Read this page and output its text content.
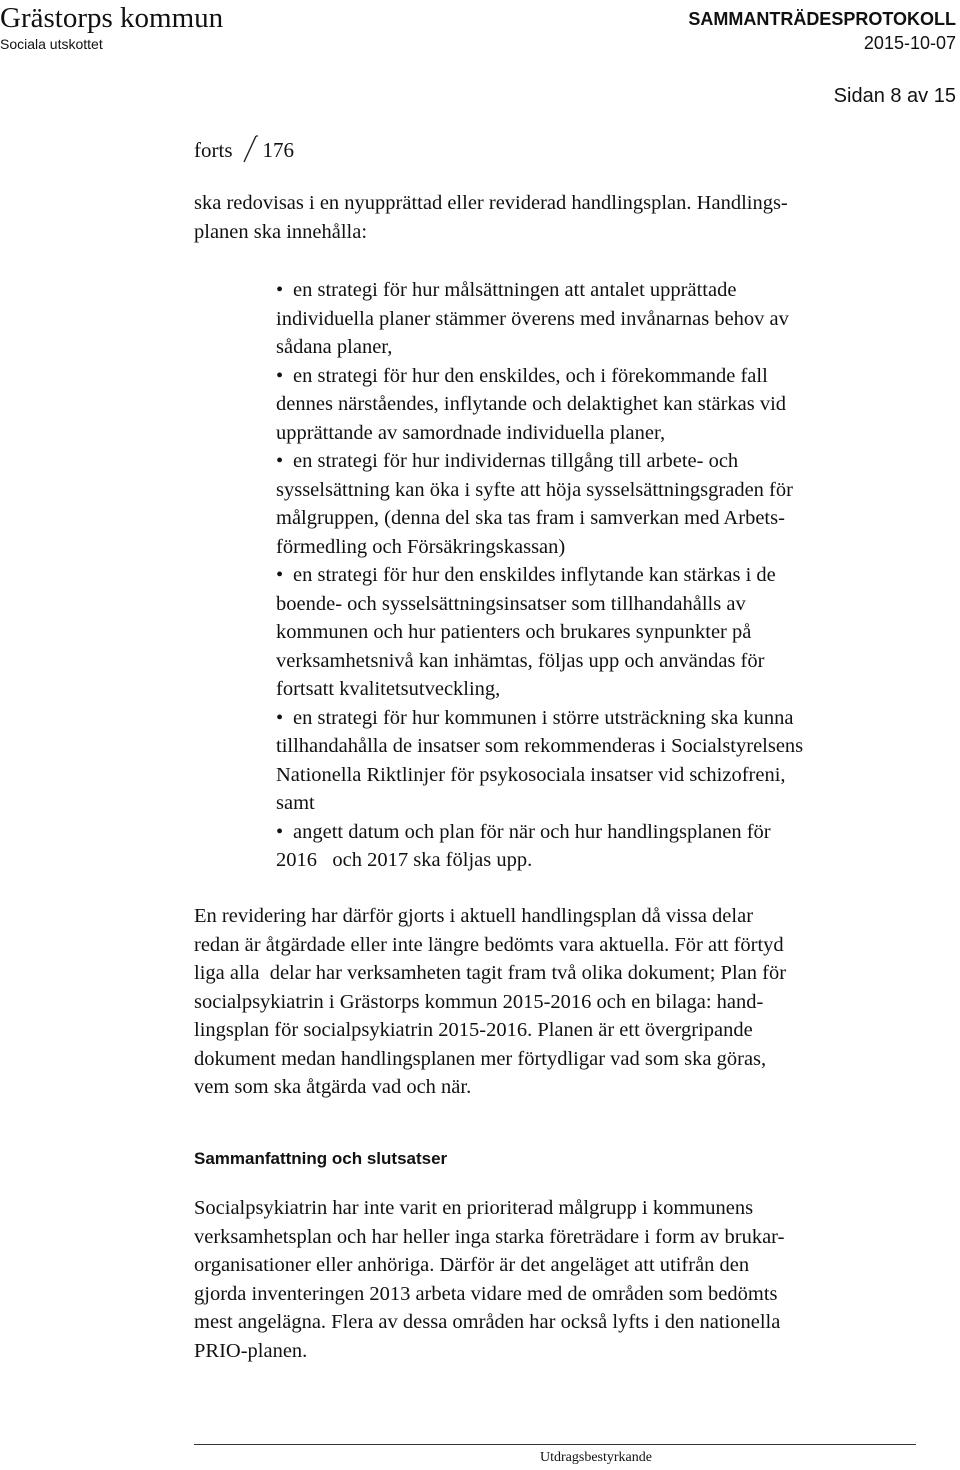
Grästorps kommun
Sociala utskottet
SAMMANTRÄDESPROTOKOLL
2015-10-07
Sidan 8 av 15
forts 176
ska redovisas i en nyupprättad eller reviderad handlingsplan. Handlings-
planen ska innehålla:
• en strategi för hur målsättningen att antalet upprättade
individuella planer stämmer överens med invånarnas behov av
sådana planer,
• en strategi för hur den enskildes, och i förekommande fall
dennes närståendes, inflytande och delaktighet kan stärkas vid
upprättande av samordnade individuella planer,
• en strategi för hur individernas tillgång till arbete- och
sysselsättning kan öka i syfte att höja sysselsättningsgraden för
målgruppen, (denna del ska tas fram i samverkan med Arbets-
förmedling och Försäkringskassan)
• en strategi för hur den enskildes inflytande kan stärkas i de
boende- och sysselsättningsinsatser som tillhandahålls av
kommunen och hur patienters och brukares synpunkter på
verksamhetsnivå kan inhämtas, följas upp och användas för
fortsatt kvalitetsutveckling,
• en strategi för hur kommunen i större utsträckning ska kunna
tillhandahålla de insatser som rekommenderas i Socialstyrelsens
Nationella Riktlinjer för psykosociala insatser vid schizofreni,
samt
• angett datum och plan för när och hur handlingsplanen för
2016   och 2017 ska följas upp.
En revidering har därför gjorts i aktuell handlingsplan då vissa delar
redan är åtgärdade eller inte längre bedömts vara aktuella. För att förtyd
liga alla  delar har verksamheten tagit fram två olika dokument; Plan för
socialpsykiatrin i Grästorps kommun 2015-2016 och en bilaga: hand-
lingsplan för socialpsykiatrin 2015-2016. Planen är ett övergripande
dokument medan handlingsplanen mer förtydligar vad som ska göras,
vem som ska åtgärda vad och när.
Sammanfattning och slutsatser
Socialpsykiatrin har inte varit en prioriterad målgrupp i kommunens
verksamhetsplan och har heller inga starka företrädare i form av brukar-
organisationer eller anhöriga. Därför är det angeläget att utifrån den
gjorda inventeringen 2013 arbeta vidare med de områden som bedömts
mest angelägna. Flera av dessa områden har också lyfts i den nationella
PRIO-planen.
Utdragsbestyrkande
